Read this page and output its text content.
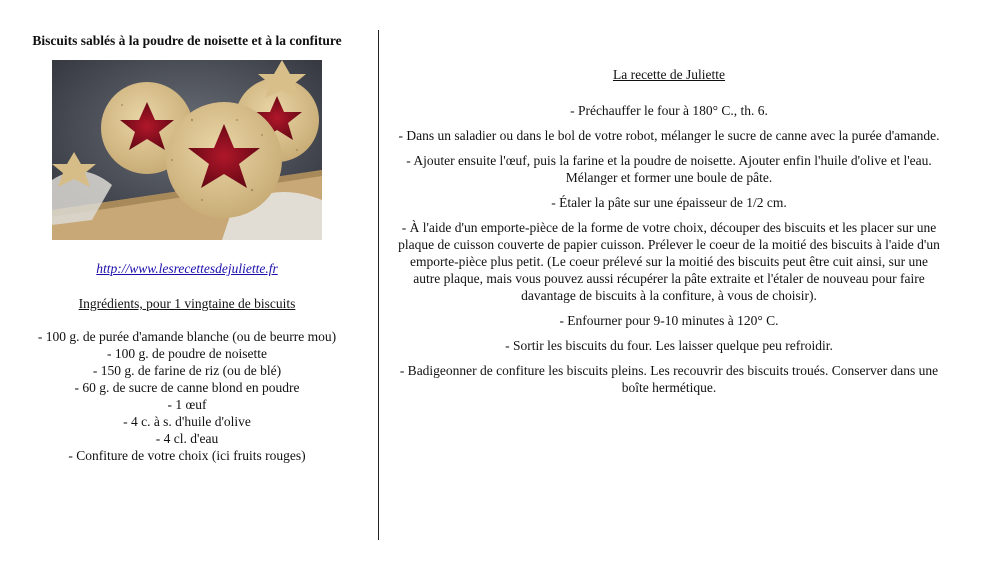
Biscuits sablés à la poudre de noisette et à la confiture

http://www.lesrecettesdejuliette.fr
Ingrédients, pour 1 vingtaine de biscuits
- 100 g. de purée d'amande blanche (ou de beurre mou)
- 100 g. de poudre de noisette
- 150 g. de farine de riz (ou de blé)
- 60 g. de sucre de canne blond en poudre
- 1 œuf
- 4 c. à s. d'huile d'olive
- 4 cl. d'eau
- Confiture de votre choix (ici fruits rouges)

La recette de Juliette

- Préchauffer le four à 180° C., th. 6.
- Dans un saladier ou dans le bol de votre robot, mélanger le sucre de canne avec la purée d'amande.
- Ajouter ensuite l'œuf, puis la farine et la poudre de noisette. Ajouter enfin l'huile d'olive et l'eau. Mélanger et former une boule de pâte.
- Étaler la pâte sur une épaisseur de 1/2 cm.
- À l'aide d'un emporte-pièce de la forme de votre choix, découper des biscuits et les placer sur une plaque de cuisson couverte de papier cuisson. Prélever le coeur de la moitié des biscuits à l'aide d'un emporte-pièce plus petit. (Le coeur prélevé sur la moitié des biscuits peut être cuit ainsi, sur une autre plaque, mais vous pouvez aussi récupérer la pâte extraite et l'étaler de nouveau pour faire davantage de biscuits à la confiture, à vous de choisir).
- Enfourner pour 9-10 minutes à 120° C.
- Sortir les biscuits du four. Les laisser quelque peu refroidir.
- Badigeonner de confiture les biscuits pleins. Les recouvrir des biscuits troués. Conserver dans une boîte hermétique.
